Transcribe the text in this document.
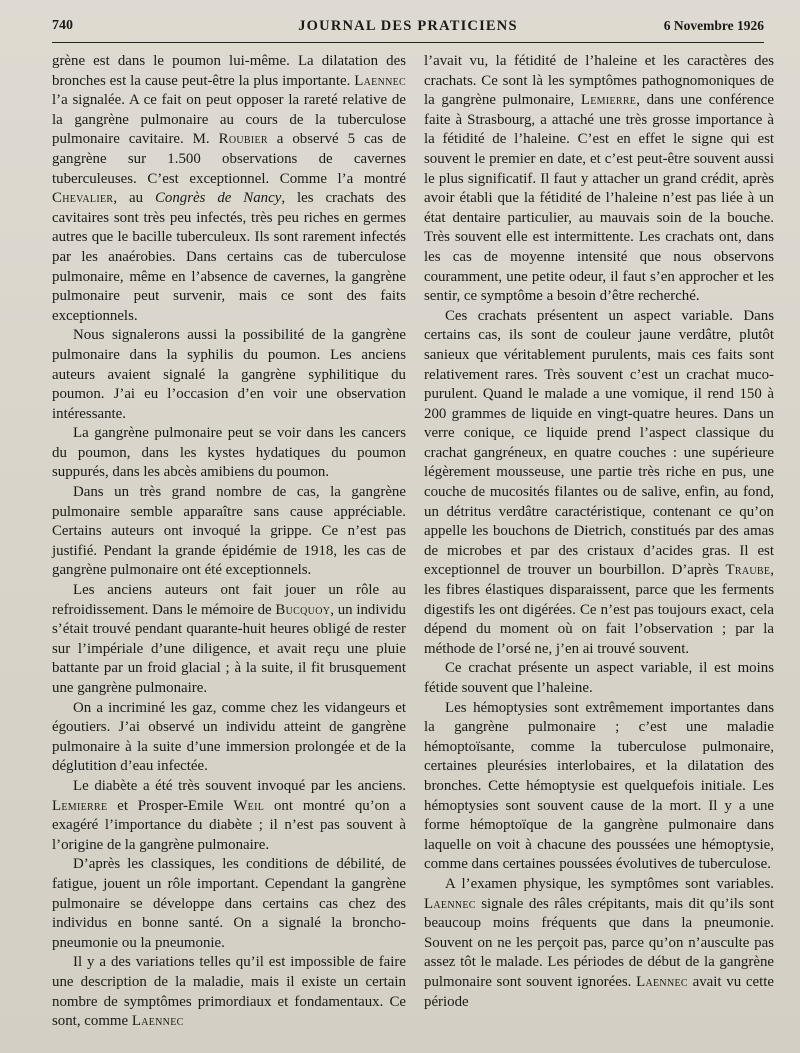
740	JOURNAL DES PRATICIENS	6 Novembre 1926

grène est dans le poumon lui-même. La dilatation des bronches est la cause peut-être la plus importante. Laennec l’a signalée. A ce fait on peut opposer la rareté relative de la gangrène pulmonaire au cours de la tuberculose pulmonaire cavitaire. M. Roubier a observé 5 cas de gangrène sur 1.500 observations de cavernes tuberculeuses. C’est exceptionnel. Comme l’a montré Chevalier, au Congrès de Nancy, les crachats des cavitaires sont très peu infectés, très peu riches en germes autres que le bacille tuberculeux. Ils sont rarement infectés par les anaérobies. Dans certains cas de tuberculose pulmonaire, même en l’absence de cavernes, la gangrène pulmonaire peut survenir, mais ce sont des faits exceptionnels.

Nous signalerons aussi la possibilité de la gangrène pulmonaire dans la syphilis du poumon. Les anciens auteurs avaient signalé la gangrène syphilitique du poumon. J’ai eu l’occasion d’en voir une observation intéressante.

La gangrène pulmonaire peut se voir dans les cancers du poumon, dans les kystes hydatiques du poumon suppurés, dans les abcès amibiens du poumon.

Dans un très grand nombre de cas, la gangrène pulmonaire semble apparaître sans cause appréciable. Certains auteurs ont invoqué la grippe. Ce n’est pas justifié. Pendant la grande épidémie de 1918, les cas de gangrène pulmonaire ont été exceptionnels.

Les anciens auteurs ont fait jouer un rôle au refroidissement. Dans le mémoire de Bucquoy, un individu s’était trouvé pendant quarante-huit heures obligé de rester sur l’impériale d’une diligence, et avait reçu une pluie battante par un froid glacial ; à la suite, il fit brusquement une gangrène pulmonaire.

On a incriminé les gaz, comme chez les vidangeurs et égoutiers. J’ai observé un individu atteint de gangrène pulmonaire à la suite d’une immersion prolongée et de la déglutition d’eau infectée.

Le diabète a été très souvent invoqué par les anciens. Lemierre et Prosper-Emile Weil ont montré qu’on a exagéré l’importance du diabète ; il n’est pas souvent à l’origine de la gangrène pulmonaire.

D’après les classiques, les conditions de débilité, de fatigue, jouent un rôle important. Cependant la gangrène pulmonaire se développe dans certains cas chez des individus en bonne santé. On a signalé la broncho-pneumonie ou la pneumonie.

Il y a des variations telles qu’il est impossible de faire une description de la maladie, mais il existe un certain nombre de symptômes primordiaux et fondamentaux. Ce sont, comme Laennec

l’avait vu, la fétidité de l’haleine et les caractères des crachats. Ce sont là les symptômes pathognomoniques de la gangrène pulmonaire, Lemierre, dans une conférence faite à Strasbourg, a attaché une très grosse importance à la fétidité de l’haleine. C’est en effet le signe qui est souvent le premier en date, et c’est peut-être souvent aussi le plus significatif. Il faut y attacher un grand crédit, après avoir établi que la fétidité de l’haleine n’est pas liée à un état dentaire particulier, au mauvais soin de la bouche. Très souvent elle est intermittente. Les crachats ont, dans les cas de moyenne intensité que nous observons couramment, une petite odeur, il faut s’en approcher et les sentir, ce symptôme a besoin d’être recherché.

Ces crachats présentent un aspect variable. Dans certains cas, ils sont de couleur jaune verdâtre, plutôt sanieux que véritablement purulents, mais ces faits sont relativement rares. Très souvent c’est un crachat muco-purulent. Quand le malade a une vomique, il rend 150 à 200 grammes de liquide en vingt-quatre heures. Dans un verre conique, ce liquide prend l’aspect classique du crachat gangréneux, en quatre couches : une supérieure légèrement mousseuse, une partie très riche en pus, une couche de mucosités filantes ou de salive, enfin, au fond, un détritus verdâtre caractéristique, contenant ce qu’on appelle les bouchons de Dietrich, constitués par des amas de microbes et par des cristaux d’acides gras. Il est exceptionnel de trouver un bourbillon. D’après Traube, les fibres élastiques disparaissent, parce que les ferments digestifs les ont digérées. Ce n’est pas toujours exact, cela dépend du moment où on fait l’observation ; par la méthode de l’orsé ne, j’en ai trouvé souvent.

Ce crachat présente un aspect variable, il est moins fétide souvent que l’haleine.

Les hémoptysies sont extrêmement importantes dans la gangrène pulmonaire ; c’est une maladie hémoptoïsante, comme la tuberculose pulmonaire, certaines pleurésies interlobaires, et la dilatation des bronches. Cette hémoptysie est quelquefois initiale. Les hémoptysies sont souvent cause de la mort. Il y a une forme hémoptoïque de la gangrène pulmonaire dans laquelle on voit à chacune des poussées une hémoptysie, comme dans certaines poussées évolutives de tuberculose.

A l’examen physique, les symptômes sont variables. Laennec signale des râles crépitants, mais dit qu’ils sont beaucoup moins fréquents que dans la pneumonie. Souvent on ne les perçoit pas, parce qu’on n’ausculte pas assez tôt le malade. Les périodes de début de la gangrène pulmonaire sont souvent ignorées. Laennec avait vu cette période
